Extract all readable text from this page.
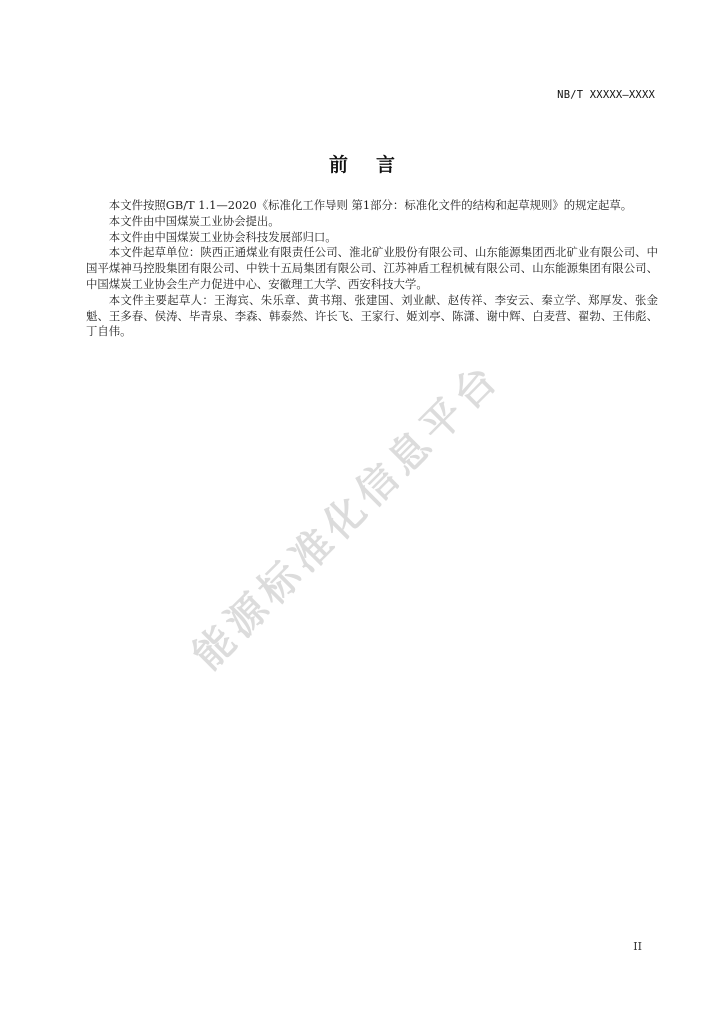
NB/T XXXXX—XXXX
前言

本文件按照GB/T 1.1—2020《标准化工作导则 第1部分：标准化文件的结构和起草规则》的规定起草。

本文件由中国煤炭工业协会提出。

本文件由中国煤炭工业协会科技发展部归口。

本文件起草单位：陕西正通煤业有限责任公司、淮北矿业股份有限公司、山东能源集团西北矿业有限公司、中国平煤神马控股集团有限公司、中铁十五局集团有限公司、江苏神盾工程机械有限公司、山东能源集团有限公司、中国煤炭工业协会生产力促进中心、安徽理工大学、西安科技大学。

本文件主要起草人：王海宾、朱乐章、黄书翔、张建国、刘业献、赵传祥、李安云、秦立学、郑厚发、张金魁、王多春、侯涛、毕青泉、李森、韩泰然、许长飞、王家行、姬刘亭、陈潇、谢中辉、白麦营、翟勃、王伟彪、丁自伟。

能源标准化信息平台
II
